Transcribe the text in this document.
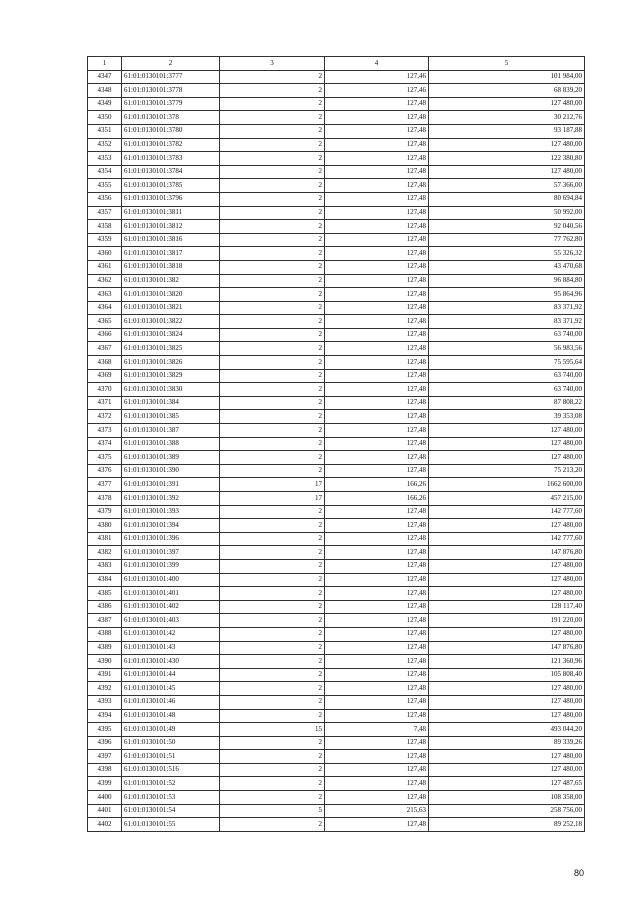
1	2	3	4	5
4347	61:01:0130101:3777	2	127,46	101 984,00
4348	61:01:0130101:3778	2	127,46	68 839,20
4349	61:01:0130101:3779	2	127,48	127 480,00
4350	61:01:0130101:378	2	127,48	30 212,76
4351	61:01:0130101:3780	2	127,48	93 187,88
4352	61:01:0130101:3782	2	127,48	127 480,00
4353	61:01:0130101:3783	2	127,48	122 380,80
4354	61:01:0130101:3784	2	127,48	127 480,00
4355	61:01:0130101:3785	2	127,48	57 366,00
4356	61:01:0130101:3796	2	127,48	80 694,84
4357	61:01:0130101:3811	2	127,48	50 992,00
4358	61:01:0130101:3812	2	127,48	92 040,56
4359	61:01:0130101:3816	2	127,48	77 762,80
4360	61:01:0130101:3817	2	127,48	55 326,32
4361	61:01:0130101:3818	2	127,48	43 470,68
4362	61:01:0130101:382	2	127,48	96 884,80
4363	61:01:0130101:3820	2	127,48	95 864,96
4364	61:01:0130101:3821	2	127,48	83 371,92
4365	61:01:0130101:3822	2	127,48	83 371,92
4366	61:01:0130101:3824	2	127,48	63 740,00
4367	61:01:0130101:3825	2	127,48	56 983,56
4368	61:01:0130101:3826	2	127,48	75 595,64
4369	61:01:0130101:3829	2	127,48	63 740,00
4370	61:01:0130101:3830	2	127,48	63 740,00
4371	61:01:0130101:384	2	127,48	87 808,22
4372	61:01:0130101:385	2	127,48	39 353,08
4373	61:01:0130101:387	2	127,48	127 480,00
4374	61:01:0130101:388	2	127,48	127 480,00
4375	61:01:0130101:389	2	127,48	127 480,00
4376	61:01:0130101:390	2	127,48	75 213,20
4377	61:01:0130101:391	17	166,26	1662 600,00
4378	61:01:0130101:392	17	166,26	457 215,00
4379	61:01:0130101:393	2	127,48	142 777,60
4380	61:01:0130101:394	2	127,48	127 480,00
4381	61:01:0130101:396	2	127,48	142 777,60
4382	61:01:0130101:397	2	127,48	147 876,80
4383	61:01:0130101:399	2	127,48	127 480,00
4384	61:01:0130101:400	2	127,48	127 480,00
4385	61:01:0130101:401	2	127,48	127 480,00
4386	61:01:0130101:402	2	127,48	128 117,40
4387	61:01:0130101:403	2	127,48	191 220,00
4388	61:01:0130101:42	2	127,48	127 480,00
4389	61:01:0130101:43	2	127,48	147 876,80
4390	61:01:0130101:430	2	127,48	121 360,96
4391	61:01:0130101:44	2	127,48	105 808,40
4392	61:01:0130101:45	2	127,48	127 480,00
4393	61:01:0130101:46	2	127,48	127 480,00
4394	61:01:0130101:48	2	127,48	127 480,00
4395	61:01:0130101:49	15	7,48	493 044,20
4396	61:01:0130101:50	2	127,48	89 339,26
4397	61:01:0130101:51	2	127,48	127 480,00
4398	61:01:0130101:516	2	127,48	127 480,00
4399	61:01:0130101:52	2	127,48	127 487,65
4400	61:01:0130101:53	2	127,48	108 358,00
4401	61:01:0130101:54	5	215,63	258 756,00
4402	61:01:0130101:55	2	127,48	89 252,18
80
